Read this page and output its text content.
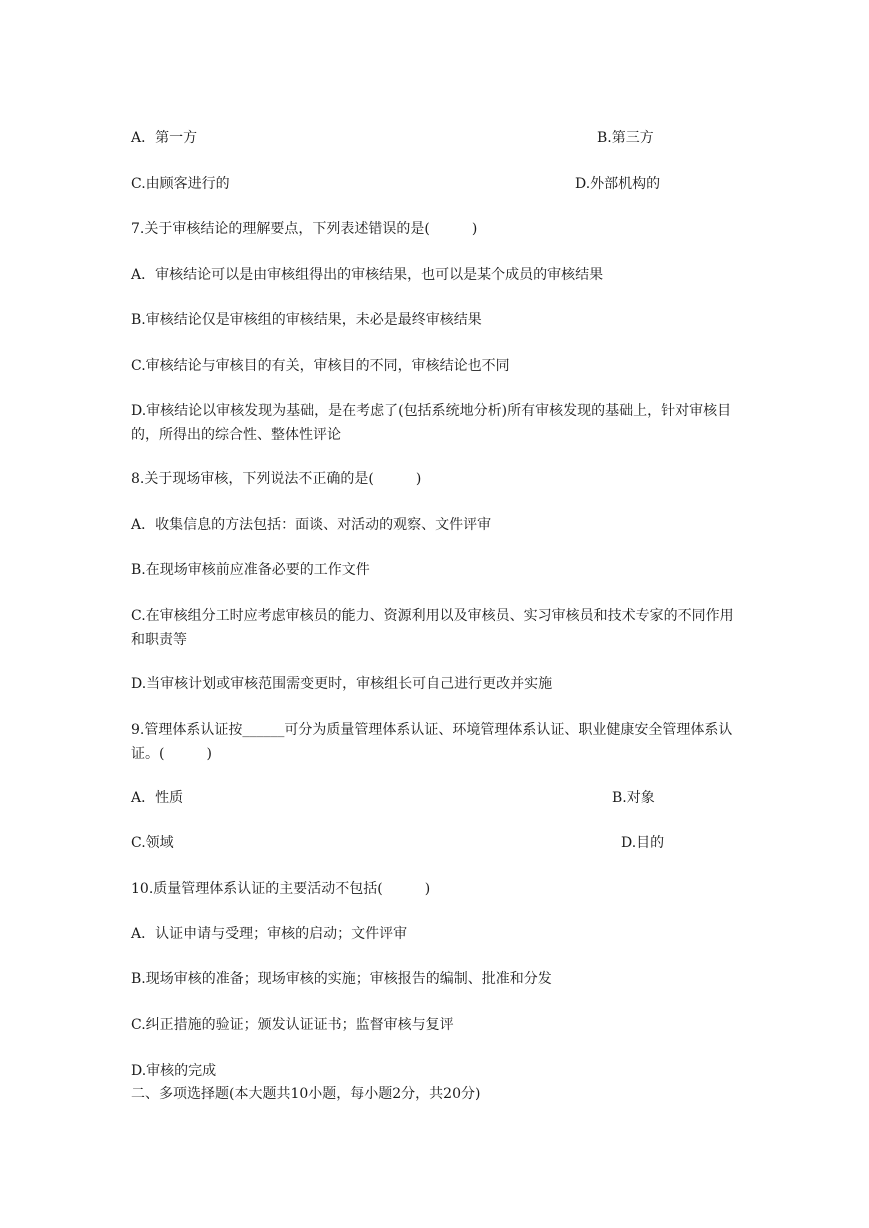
A．第一方	B.第三方
C.由顾客进行的	D.外部机构的
7.关于审核结论的理解要点，下列表述错误的是(　　　)
A．审核结论可以是由审核组得出的审核结果，也可以是某个成员的审核结果
B.审核结论仅是审核组的审核结果，未必是最终审核结果
C.审核结论与审核目的有关，审核目的不同，审核结论也不同
D.审核结论以审核发现为基础，是在考虑了(包括系统地分析)所有审核发现的基础上，针对审核目的，所得出的综合性、整体性评论
8.关于现场审核，下列说法不正确的是(　　　)
A．收集信息的方法包括：面谈、对活动的观察、文件评审
B.在现场审核前应准备必要的工作文件
C.在审核组分工时应考虑审核员的能力、资源利用以及审核员、实习审核员和技术专家的不同作用和职责等
D.当审核计划或审核范围需变更时，审核组长可自己进行更改并实施
9.管理体系认证按______可分为质量管理体系认证、环境管理体系认证、职业健康安全管理体系认证。(　　　)
A．性质	B.对象
C.领域	D.目的
10.质量管理体系认证的主要活动不包括(　　　)
A．认证申请与受理；审核的启动；文件评审
B.现场审核的准备；现场审核的实施；审核报告的编制、批准和分发
C.纠正措施的验证；颁发认证证书；监督审核与复评
D.审核的完成
二、多项选择题(本大题共10小题，每小题2分，共20分)
